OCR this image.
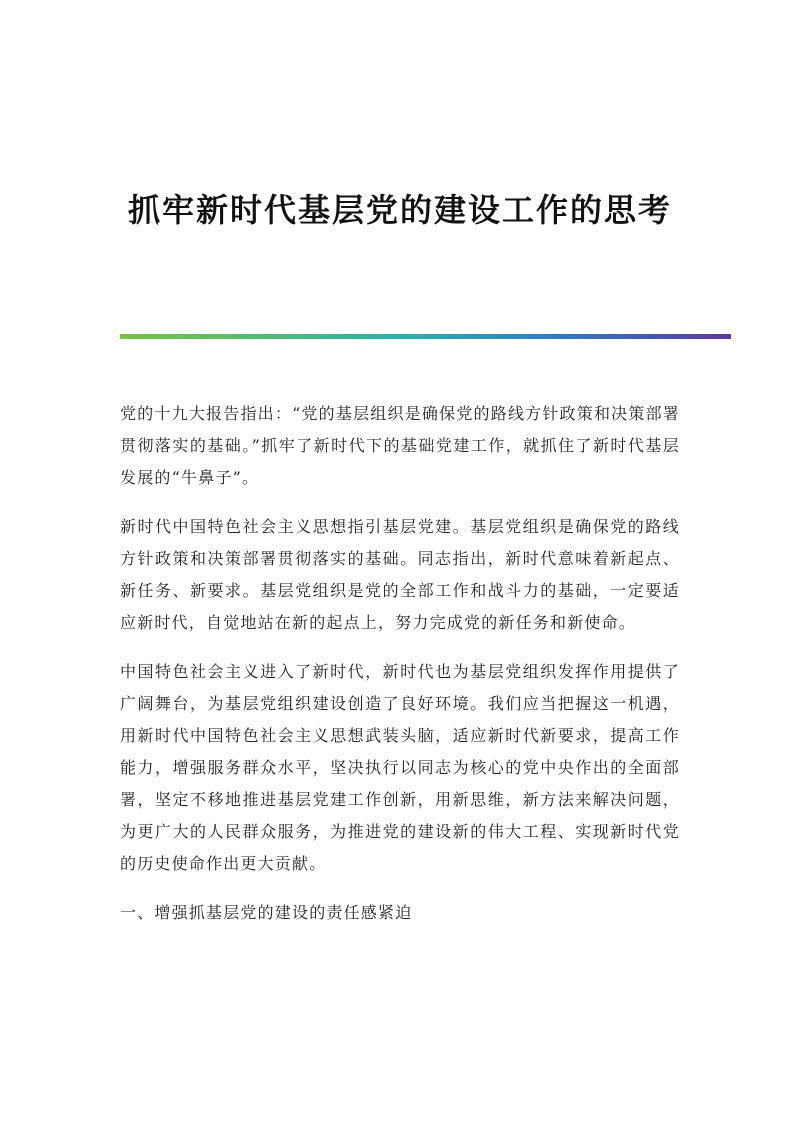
抓牢新时代基层党的建设工作的思考

党的十九大报告指出：“党的基层组织是确保党的路线方针政策和决策部署贯彻落实的基础。”抓牢了新时代下的基础党建工作，就抓住了新时代基层发展的“牛鼻子”。

新时代中国特色社会主义思想指引基层党建。基层党组织是确保党的路线方针政策和决策部署贯彻落实的基础。同志指出，新时代意味着新起点、新任务、新要求。基层党组织是党的全部工作和战斗力的基础，一定要适应新时代，自觉地站在新的起点上，努力完成党的新任务和新使命。

中国特色社会主义进入了新时代，新时代也为基层党组织发挥作用提供了广阔舞台，为基层党组织建设创造了良好环境。我们应当把握这一机遇，用新时代中国特色社会主义思想武装头脑，适应新时代新要求，提高工作能力，增强服务群众水平，坚决执行以同志为核心的党中央作出的全面部署，坚定不移地推进基层党建工作创新，用新思维，新方法来解决问题，为更广大的人民群众服务，为推进党的建设新的伟大工程、实现新时代党的历史使命作出更大贡献。

一、增强抓基层党的建设的责任感紧迫
